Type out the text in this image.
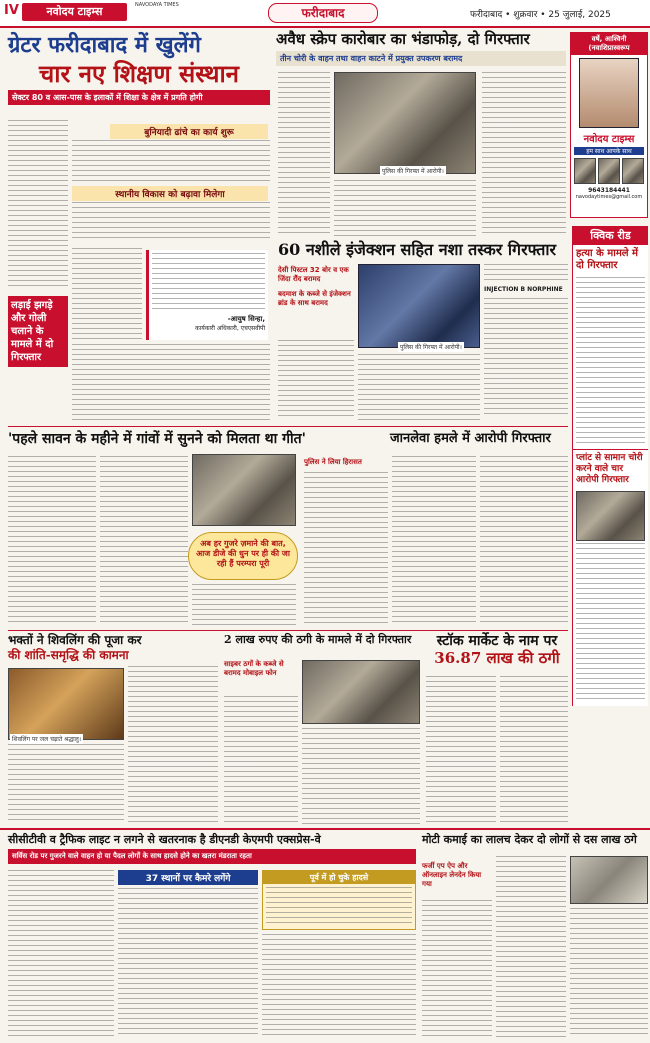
IV	नवोदय टाइम्स	NAVODAYA TIMES
फरीदाबाद	फरीदाबाद • शुक्रवार • 25 जुलाई, 2025
ग्रेटर फरीदाबाद में खुलेंगे
चार नए शिक्षण संस्थान
सेक्टर 80 व आस-पास के इलाकों में शिक्षा के क्षेत्र में प्रगति होगी
बुनियादी ढांचे का कार्य शुरू
स्थानीय विकास को बढ़ावा मिलेगा
-आयुष सिन्हा,
कार्यकारी अधिकारी, एचएसवीपी
लड़ाई झगड़े और गोली चलाने के मामले में दो गिरफ्तार
अवैध स्क्रेप कारोबार का भंडाफोड़, दो गिरफ्तार
तीन चोरी के वाहन तथा वाहन काटने में प्रयुक्त उपकरण बरामद
पुलिस की गिरफ्त में आरोपी।
वर्षे, आश्विनी (नवाशिप्रास्वरूप
नवोदय टाइम्स
हम साथ आपके साथ
9643184441
navodaytimes@gmail.com
60 नशीले इंजेक्शन सहित नशा तस्कर गिरफ्तार
देसी पिस्टल 32 बोर व एक जिंदा रौंद बरामद
बदमाश के कब्जे से इंजेक्शन ब्रांड के साथ बरामद
पुलिस की गिरफ्त में आरोपी।
INJECTION B NORPHINE
क्विक रीड
हत्या के मामले में दो गिरफ्तार
प्लांट से सामान चोरी करने वाले चार आरोपी गिरफ्तार
'पहले सावन के महीने में गांवों में सुनने को मिलता था गीत'
अब हर गुजरे ज़माने की बात, आज डीजे की धुन पर ही की जा रही हैं परम्परा पूरी
जानलेवा हमले में आरोपी गिरफ्तार
पुलिस ने लिया हिरासत
भक्तों ने शिवलिंग की पूजा कर
की शांति-समृद्धि की कामना
शिवलिंग पर जल चढ़ाते श्रद्धालु।
2 लाख रुपए की ठगी के मामले में दो गिरफ्तार
साइबर ठगों के कब्जे से बरामद मोबाइल फोन
स्टॉक मार्केट के नाम पर
36.87 लाख की ठगी
सीसीटीवी व ट्रैफिक लाइट न लगने से खतरनाक है डीएनडी केएमपी एक्सप्रेस-वे
सर्विस रोड पर गुजरने वाले वाहन हो या पैदल लोगों के साथ हादसे होने का खतरा मंडराता रहता
37 स्थानों पर कैमरे लगेंगे	पूर्व में हो चुके हादसे
मोटी कमाई का लालच देकर दो लोगों से दस लाख ठगे
फर्जी एप ऐप और ऑनलाइन लेनदेन किया गया
